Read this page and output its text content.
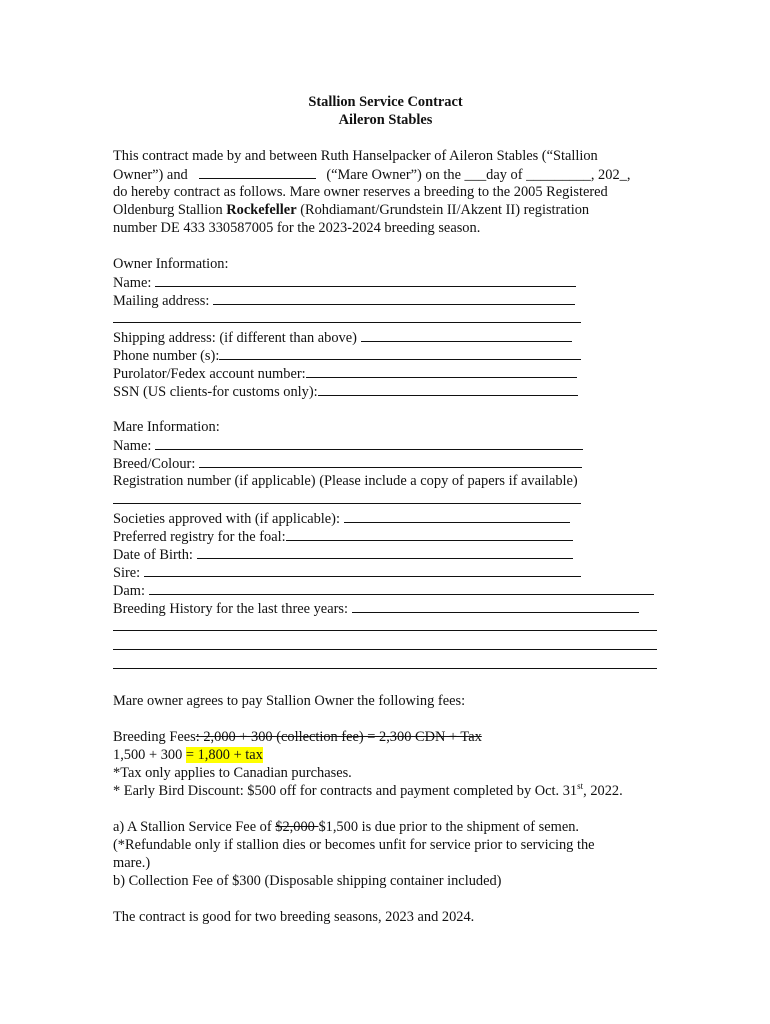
Stallion Service Contract
Aileron Stables
This contract made by and between Ruth Hanselpacker of Aileron Stables (“Stallion
Owner”) and	(“Mare Owner”) on the ___day of _________, 202_,
do hereby contract as follows. Mare owner reserves a breeding to the 2005 Registered
Oldenburg Stallion Rockefeller (Rohdiamant/Grundstein II/Akzent II) registration
number DE 433 330587005 for the 2023-2024 breeding season.
Owner Information:
Name:
Mailing address:
Shipping address: (if different than above)
Phone number (s):
Purolator/Fedex account number:
SSN (US clients-for customs only):
Mare Information:
Name:
Breed/Colour:
Registration number (if applicable) (Please include a copy of papers if available)
Societies approved with (if applicable):
Preferred registry for the foal:
Date of Birth:
Sire:
Dam:
Breeding History for the last three years:
Mare owner agrees to pay Stallion Owner the following fees:
Breeding Fees: 2,000 + 300 (collection fee) = 2,300 CDN + Tax
1,500 + 300 = 1,800 + tax
*Tax only applies to Canadian purchases.
* Early Bird Discount: $500 off for contracts and payment completed by Oct. 31st, 2022.
a) A Stallion Service Fee of $2,000 $1,500 is due prior to the shipment of semen.
(*Refundable only if stallion dies or becomes unfit for service prior to servicing the
mare.)
b) Collection Fee of $300 (Disposable shipping container included)
The contract is good for two breeding seasons, 2023 and 2024.
